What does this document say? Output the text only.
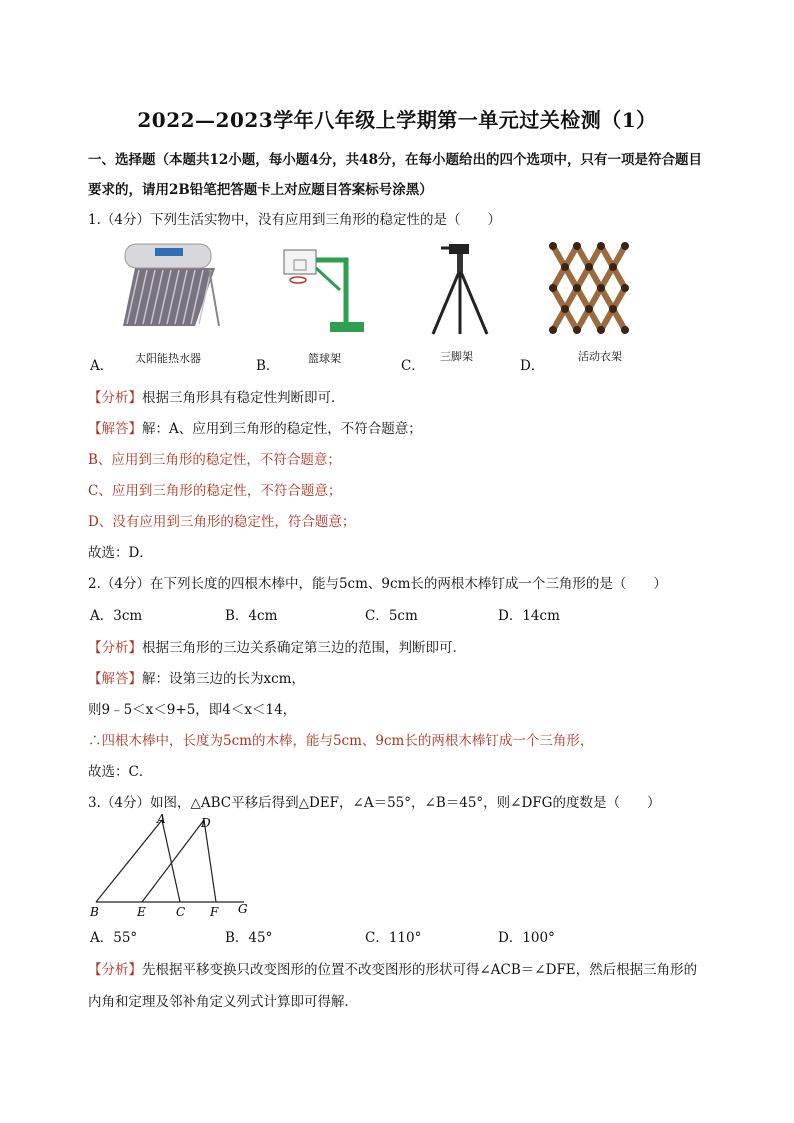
2022—2023学年八年级上学期第一单元过关检测（1）
一、选择题（本题共12小题，每小题4分，共48分，在每小题给出的四个选项中，只有一项是符合题目
要求的，请用2B铅笔把答题卡上对应题目答案标号涂黑）
1.（4分）下列生活实物中，没有应用到三角形的稳定性的是（　　）
A． 太阳能热水器	B．	篮球架	C．
三脚架
D．
活动衣架
【分析】根据三角形具有稳定性判断即可．
【解答】解：A、应用到三角形的稳定性，不符合题意；
B、应用到三角形的稳定性，不符合题意；
C、应用到三角形的稳定性，不符合题意；
D、没有应用到三角形的稳定性，符合题意；
故选：D．
2.（4分）在下列长度的四根木棒中，能与5cm、9cm长的两根木棒钉成一个三角形的是（　　）
A．3cm	B．4cm	C．5cm	D．14cm
【分析】根据三角形的三边关系确定第三边的范围，判断即可．
【解答】解：设第三边的长为xcm，
则9﹣5＜x＜9+5，即4＜x＜14，
∴四根木棒中，长度为5cm的木棒，能与5cm、9cm长的两根木棒钉成一个三角形，
故选：C．
3.（4分）如图，△ABC平移后得到△DEF，∠A＝55°，∠B＝45°，则∠DFG的度数是（　　）
A	D
B	E	C F G
A．55°	B．45°	C．110°	D．100°
【分析】先根据平移变换只改变图形的位置不改变图形的形状可得∠ACB＝∠DFE，然后根据三角形的
内角和定理及邻补角定义列式计算即可得解．
